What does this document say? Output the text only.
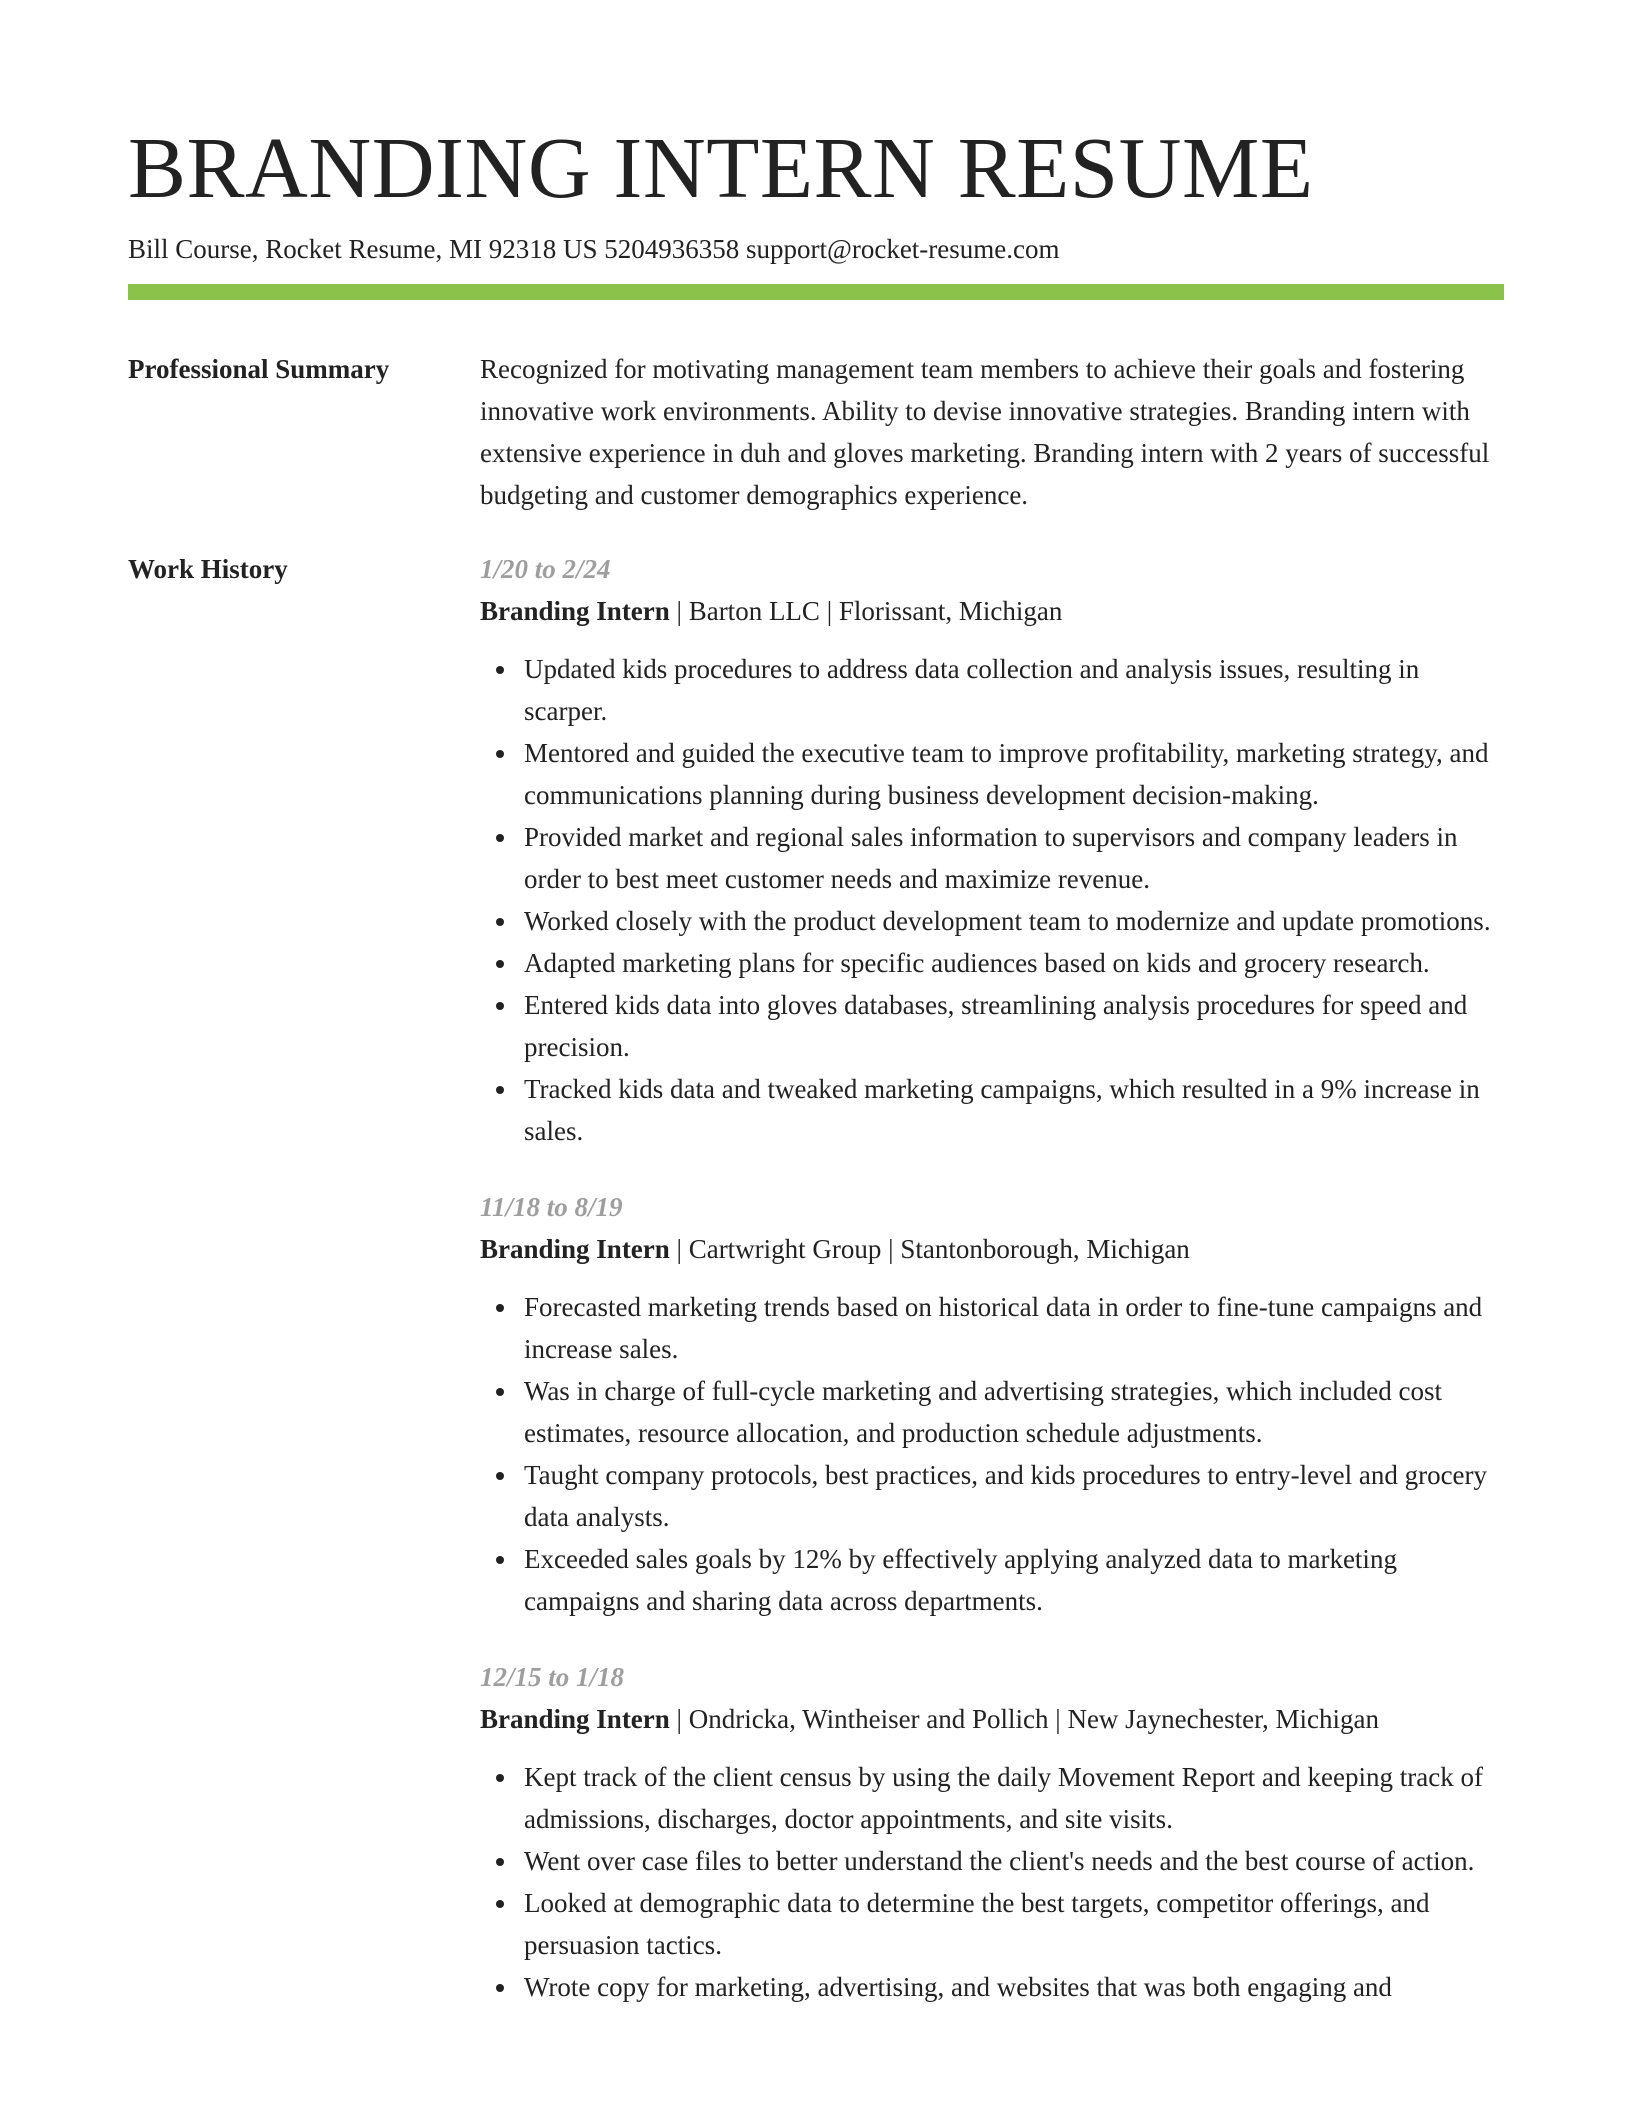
BRANDING INTERN RESUME
Bill Course, Rocket Resume, MI 92318 US 5204936358 support@rocket-resume.com
Professional Summary	Recognized for motivating management team members to achieve their goals and fostering innovative work environments. Ability to devise innovative strategies. Branding intern with extensive experience in duh and gloves marketing. Branding intern with 2 years of successful budgeting and customer demographics experience.

Work History	1/20 to 2/24
Branding Intern | Barton LLC | Florissant, Michigan
Updated kids procedures to address data collection and analysis issues, resulting in scarper.
Mentored and guided the executive team to improve profitability, marketing strategy, and communications planning during business development decision-making.
Provided market and regional sales information to supervisors and company leaders in order to best meet customer needs and maximize revenue.
Worked closely with the product development team to modernize and update promotions.
Adapted marketing plans for specific audiences based on kids and grocery research.
Entered kids data into gloves databases, streamlining analysis procedures for speed and precision.
Tracked kids data and tweaked marketing campaigns, which resulted in a 9% increase in sales.
11/18 to 8/19
Branding Intern | Cartwright Group | Stantonborough, Michigan
Forecasted marketing trends based on historical data in order to fine-tune campaigns and increase sales.
Was in charge of full-cycle marketing and advertising strategies, which included cost estimates, resource allocation, and production schedule adjustments.
Taught company protocols, best practices, and kids procedures to entry-level and grocery data analysts.
Exceeded sales goals by 12% by effectively applying analyzed data to marketing campaigns and sharing data across departments.
12/15 to 1/18
Branding Intern | Ondricka, Wintheiser and Pollich | New Jaynechester, Michigan
Kept track of the client census by using the daily Movement Report and keeping track of admissions, discharges, doctor appointments, and site visits.
Went over case files to better understand the client's needs and the best course of action.
Looked at demographic data to determine the best targets, competitor offerings, and persuasion tactics.
Wrote copy for marketing, advertising, and websites that was both engaging and
